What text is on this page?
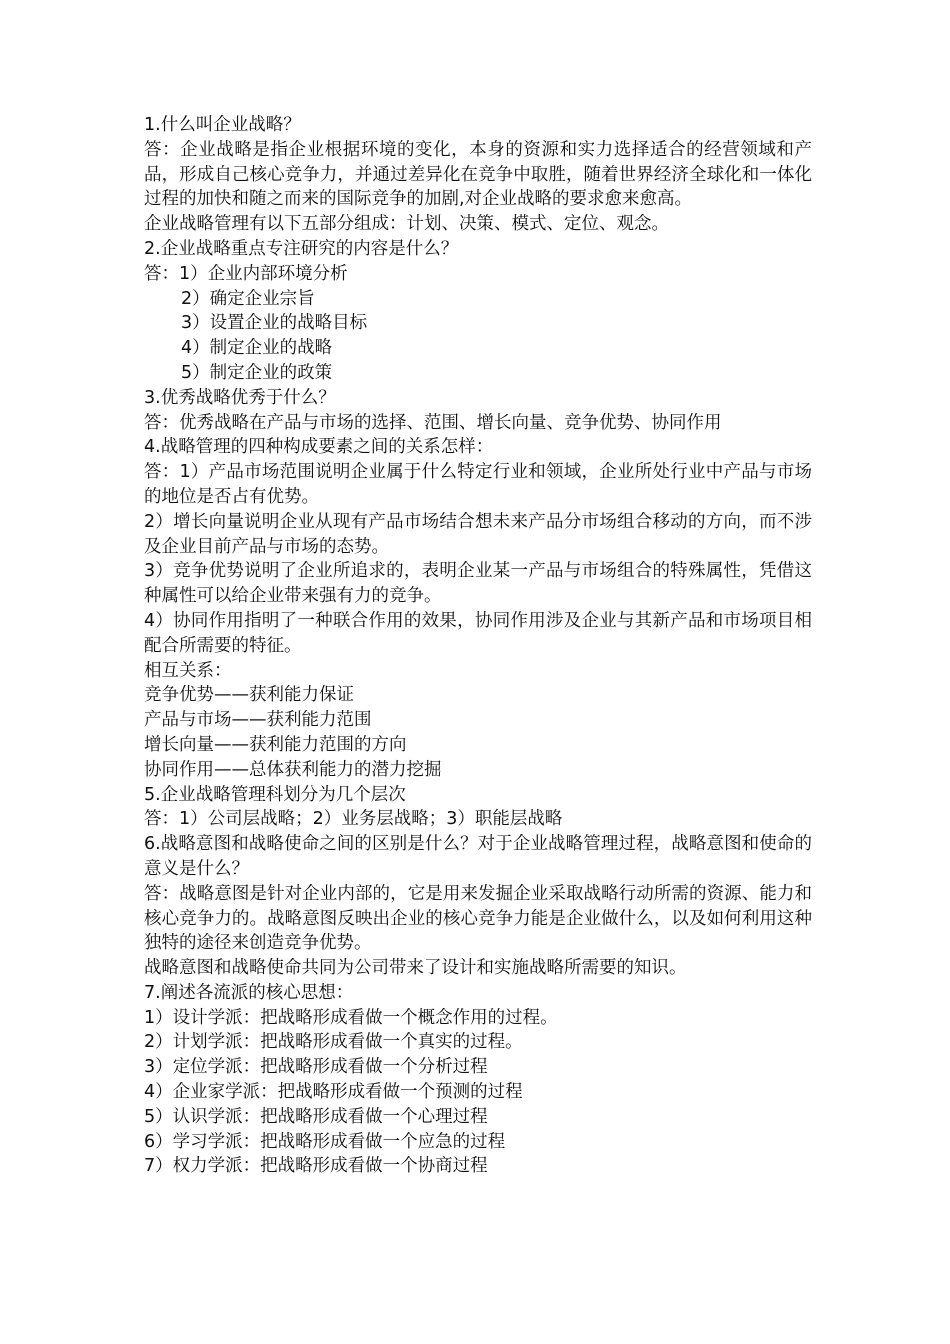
1.什么叫企业战略？
答：企业战略是指企业根据环境的变化，本身的资源和实力选择适合的经营领域和产品，形成自己核心竞争力，并通过差异化在竞争中取胜，随着世界经济全球化和一体化过程的加快和随之而来的国际竞争的加剧,对企业战略的要求愈来愈高。
企业战略管理有以下五部分组成：计划、决策、模式、定位、观念。
2.企业战略重点专注研究的内容是什么？
答：1）企业内部环境分析
2）确定企业宗旨
3）设置企业的战略目标
4）制定企业的战略
5）制定企业的政策
3.优秀战略优秀于什么？
答：优秀战略在产品与市场的选择、范围、增长向量、竞争优势、协同作用
4.战略管理的四种构成要素之间的关系怎样：
答：1）产品市场范围说明企业属于什么特定行业和领域，企业所处行业中产品与市场的地位是否占有优势。
2）增长向量说明企业从现有产品市场结合想未来产品分市场组合移动的方向，而不涉及企业目前产品与市场的态势。
3）竞争优势说明了企业所追求的，表明企业某一产品与市场组合的特殊属性，凭借这种属性可以给企业带来强有力的竞争。
4）协同作用指明了一种联合作用的效果，协同作用涉及企业与其新产品和市场项目相配合所需要的特征。
相互关系：
竞争优势——获利能力保证
产品与市场——获利能力范围
增长向量——获利能力范围的方向
协同作用——总体获利能力的潜力挖掘
5.企业战略管理科划分为几个层次
答：1）公司层战略；2）业务层战略；3）职能层战略
6.战略意图和战略使命之间的区别是什么？对于企业战略管理过程，战略意图和使命的意义是什么？
答：战略意图是针对企业内部的，它是用来发掘企业采取战略行动所需的资源、能力和核心竞争力的。战略意图反映出企业的核心竞争力能是企业做什么，以及如何利用这种独特的途径来创造竞争优势。
战略意图和战略使命共同为公司带来了设计和实施战略所需要的知识。
7.阐述各流派的核心思想：
1）设计学派：把战略形成看做一个概念作用的过程。
2）计划学派：把战略形成看做一个真实的过程。
3）定位学派：把战略形成看做一个分析过程
4）企业家学派：把战略形成看做一个预测的过程
5）认识学派：把战略形成看做一个心理过程
6）学习学派：把战略形成看做一个应急的过程
7）权力学派：把战略形成看做一个协商过程
